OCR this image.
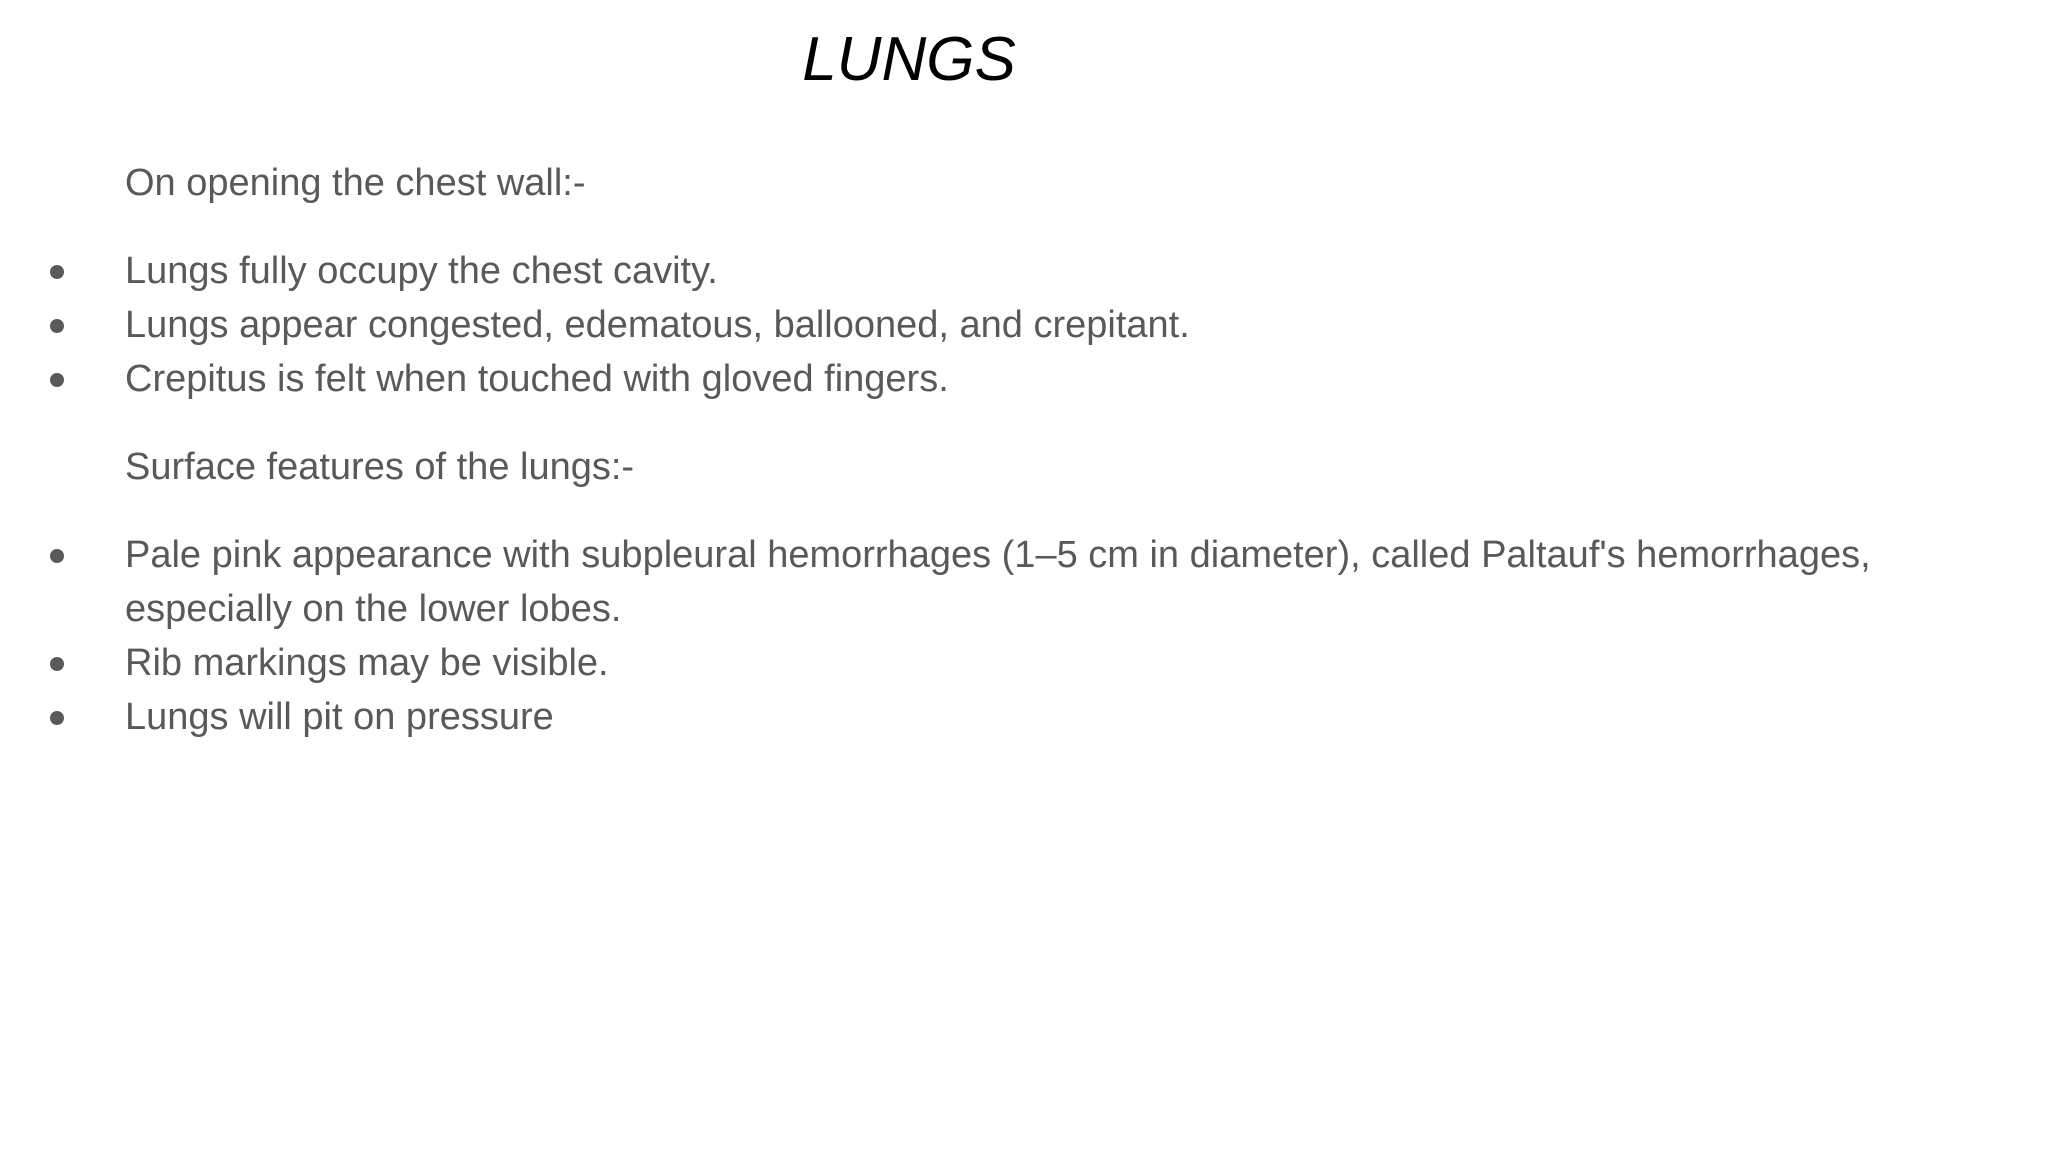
LUNGS

On opening the chest wall:-

Lungs fully occupy the chest cavity.
Lungs appear congested, edematous, ballooned, and crepitant.
Crepitus is felt when touched with gloved fingers.

Surface features of the lungs:-

Pale pink appearance with subpleural hemorrhages (1–5 cm in diameter), called Paltauf's hemorrhages, especially on the lower lobes.
Rib markings may be visible.
Lungs will pit on pressure
